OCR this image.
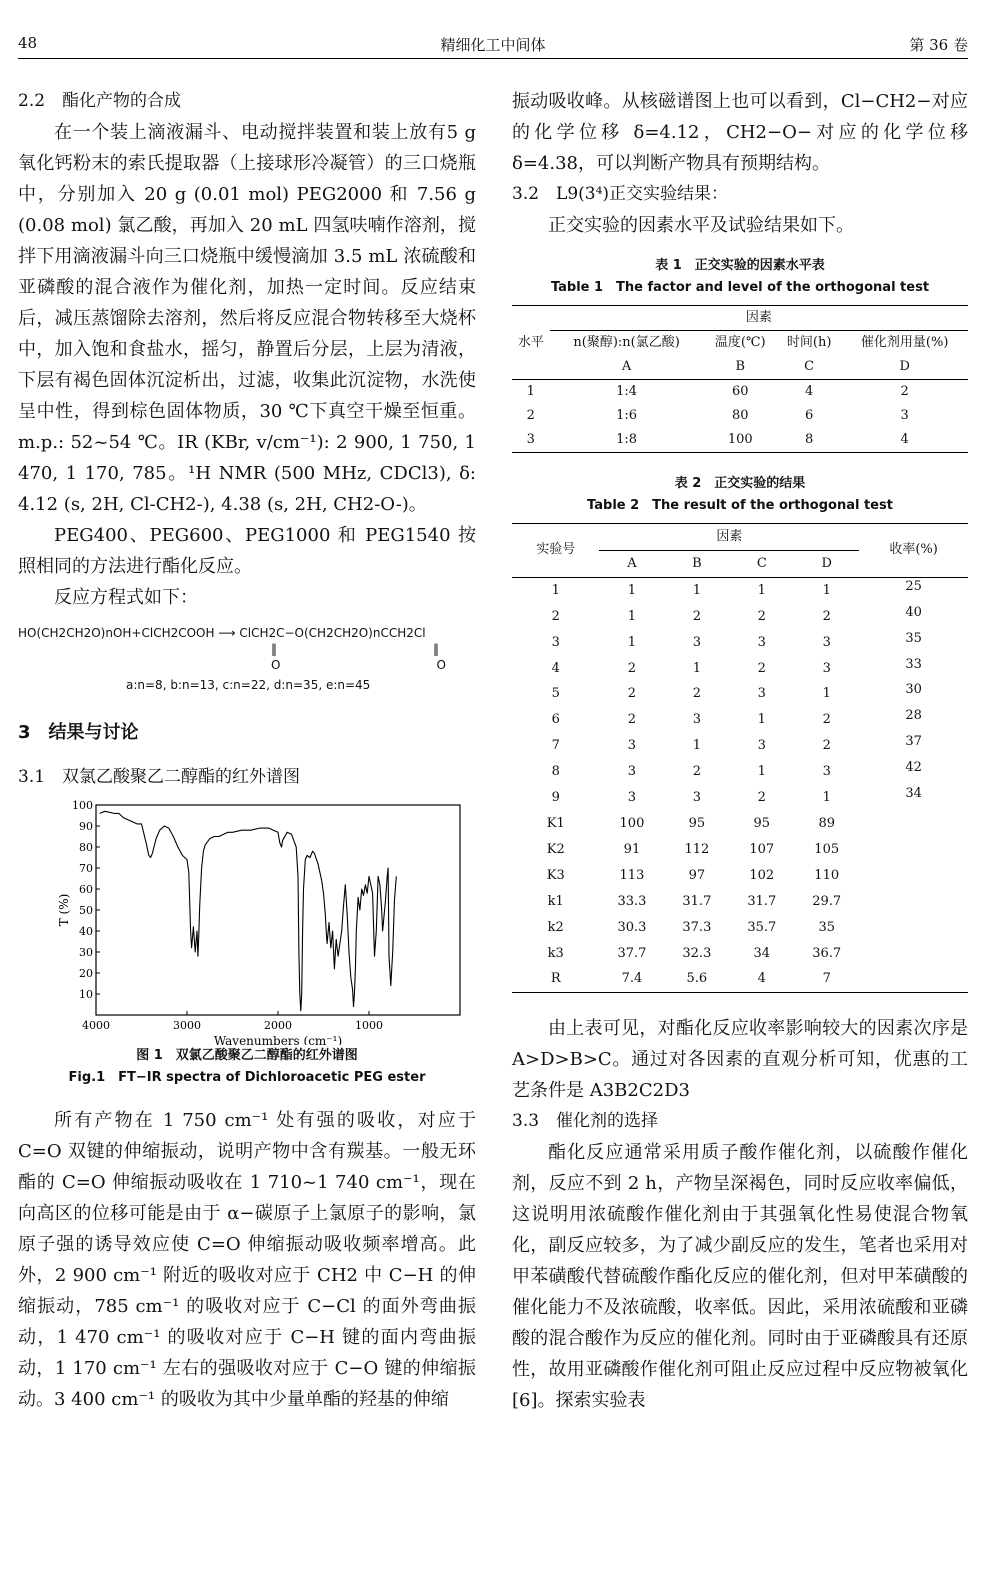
48	精细化工中间体	第 36 卷

2.2　酯化产物的合成

在一个装上滴液漏斗、电动搅拌装置和装上放有5 g 氧化钙粉末的索氏提取器（上接球形冷凝管）的三口烧瓶中，分别加入 20 g (0.01 mol) PEG2000 和 7.56 g (0.08 mol) 氯乙酸，再加入 20 mL 四氢呋喃作溶剂，搅拌下用滴液漏斗向三口烧瓶中缓慢滴加 3.5 mL 浓硫酸和亚磷酸的混合液作为催化剂，加热一定时间。反应结束后，减压蒸馏除去溶剂，然后将反应混合物转移至大烧杯中，加入饱和食盐水，摇匀，静置后分层，上层为清液，下层有褐色固体沉淀析出，过滤，收集此沉淀物，水洗使呈中性，得到棕色固体物质，30 ℃下真空干燥至恒重。m.p.: 52~54 ℃。IR (KBr, v/cm⁻¹): 2 900, 1 750, 1 470, 1 170, 785。¹H NMR (500 MHz, CDCl3), δ: 4.12 (s, 2H, Cl-CH2-), 4.38 (s, 2H, CH2-O-)。

PEG400、PEG600、PEG1000 和 PEG1540 按照相同的方法进行酯化反应。

反应方程式如下：

HO(CH2CH2O)nOH+ClCH2COOH ⟶ ClCH2C−O(CH2CH2O)nCCH2Cl
‖　　　　　　　　　　　　　‖
O　　　　　　　　　　　　　O
a:n=8, b:n=13, c:n=22, d:n=35, e:n=45
3　结果与讨论

3.1　双氯乙酸聚乙二醇酯的红外谱图

100
90
80
70
60
50
40
30
20
10
4000	3000	2000	1000
T (%)
Wavenumbers (cm⁻¹)
图 1　双氯乙酸聚乙二醇酯的红外谱图
Fig.1　FT−IR spectra of Dichloroacetic PEG ester

所有产物在 1 750 cm⁻¹ 处有强的吸收，对应于 C=O 双键的伸缩振动，说明产物中含有羰基。一般无环酯的 C=O 伸缩振动吸收在 1 710~1 740 cm⁻¹，现在向高区的位移可能是由于 α−碳原子上氯原子的影响，氯原子强的诱导效应使 C=O 伸缩振动吸收频率增高。此外，2 900 cm⁻¹ 附近的吸收对应于 CH2 中 C−H 的伸缩振动，785 cm⁻¹ 的吸收对应于 C−Cl 的面外弯曲振动，1 470 cm⁻¹ 的吸收对应于 C−H 键的面内弯曲振动，1 170 cm⁻¹ 左右的强吸收对应于 C−O 键的伸缩振动。3 400 cm⁻¹ 的吸收为其中少量单酯的羟基的伸缩

振动吸收峰。从核磁谱图上也可以看到，Cl−CH2−对应的化学位移 δ=4.12，CH2−O−对应的化学位移 δ=4.38，可以判断产物具有预期结构。

3.2　L9(3⁴)正交实验结果：

正交实验的因素水平及试验结果如下。

表 1　正交实验的因素水平表
Table 1　The factor and level of the orthogonal test
水平	因素			
	n(聚醇):n(氯乙酸)	温度(℃)	时间(h)	催化剂用量(%)
	A	B	C	D
1	1:4	60	4	2
2	1:6	80	6	3
3	1:8	100	8	4
表 2　正交实验的结果
Table 2　The result of the orthogonal test
实验号	因素				收率(%)
	A	B	C	D	
1	1	1	1	1	25
2	1	2	2	2	40
3	1	3	3	3	35
4	2	1	2	3	33
5	2	2	3	1	30
6	2	3	1	2	28
7	3	1	3	2	37
8	3	2	1	3	42
9	3	3	2	1	34
K1	100	95	95	89	
K2	91	112	107	105	
K3	113	97	102	110	
k1	33.3	31.7	31.7	29.7	
k2	30.3	37.3	35.7	35	
k3	37.7	32.3	34	36.7	
R	7.4	5.6	4	7	

由上表可见，对酯化反应收率影响较大的因素次序是 A>D>B>C。通过对各因素的直观分析可知，优惠的工艺条件是 A3B2C2D3

3.3　催化剂的选择

酯化反应通常采用质子酸作催化剂，以硫酸作催化剂，反应不到 2 h，产物呈深褐色，同时反应收率偏低，这说明用浓硫酸作催化剂由于其强氧化性易使混合物氧化，副反应较多，为了减少副反应的发生，笔者也采用对甲苯磺酸代替硫酸作酯化反应的催化剂，但对甲苯磺酸的催化能力不及浓硫酸，收率低。因此，采用浓硫酸和亚磷酸的混合酸作为反应的催化剂。同时由于亚磷酸具有还原性，故用亚磷酸作催化剂可阻止反应过程中反应物被氧化 [6]。探索实验表
